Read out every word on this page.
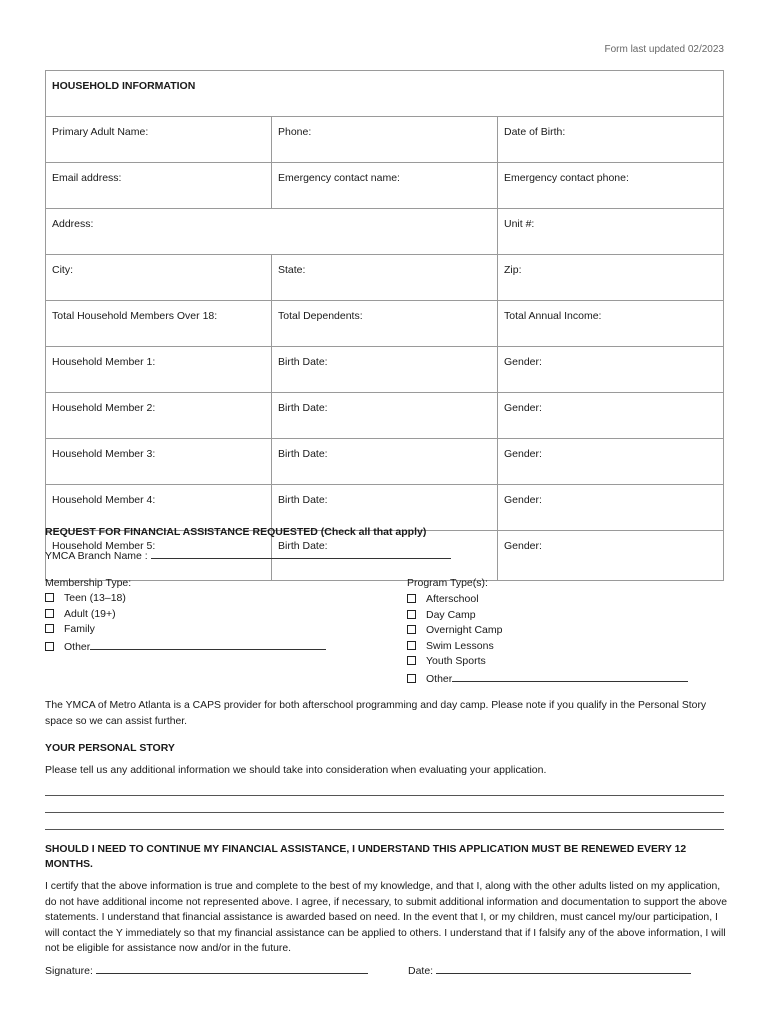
Form last updated 02/2023
HOUSEHOLD INFORMATION		
Primary Adult Name:	Phone:	Date of Birth:
Email address:	Emergency contact name:	Emergency contact phone:
Address:		Unit #:
City:	State:	Zip:
Total Household Members Over 18:	Total Dependents:	Total Annual Income:
Household Member 1:	Birth Date:	Gender:
Household Member 2:	Birth Date:	Gender:
Household Member 3:	Birth Date:	Gender:
Household Member 4:	Birth Date:	Gender:
Household Member 5:	Birth Date:	Gender:
REQUEST FOR FINANCIAL ASSISTANCE REQUESTED (Check all that apply)
YMCA Branch Name :
Membership Type:
Teen (13–18)
Adult (19+)
Family
Other
Program Type(s):
Afterschool
Day Camp
Overnight Camp
Swim Lessons
Youth Sports
Other
The YMCA of Metro Atlanta is a CAPS provider for both afterschool programming and day camp. Please note if you qualify in the Personal Story space so we can assist further.
YOUR PERSONAL STORY
Please tell us any additional information we should take into consideration when evaluating your application.
SHOULD I NEED TO CONTINUE MY FINANCIAL ASSISTANCE, I UNDERSTAND THIS APPLICATION MUST BE RENEWED EVERY 12 MONTHS.
I certify that the above information is true and complete to the best of my knowledge, and that I, along with the other adults listed on my application, do not have additional income not represented above. I agree, if necessary, to submit additional information and documentation to support the above statements. I understand that financial assistance is awarded based on need. In the event that I, or my children, must cancel my/our participation, I will contact the Y immediately so that my financial assistance can be applied to others. I understand that if I falsify any of the above information, I will not be eligible for assistance now and/or in the future.
Signature:	Date:
